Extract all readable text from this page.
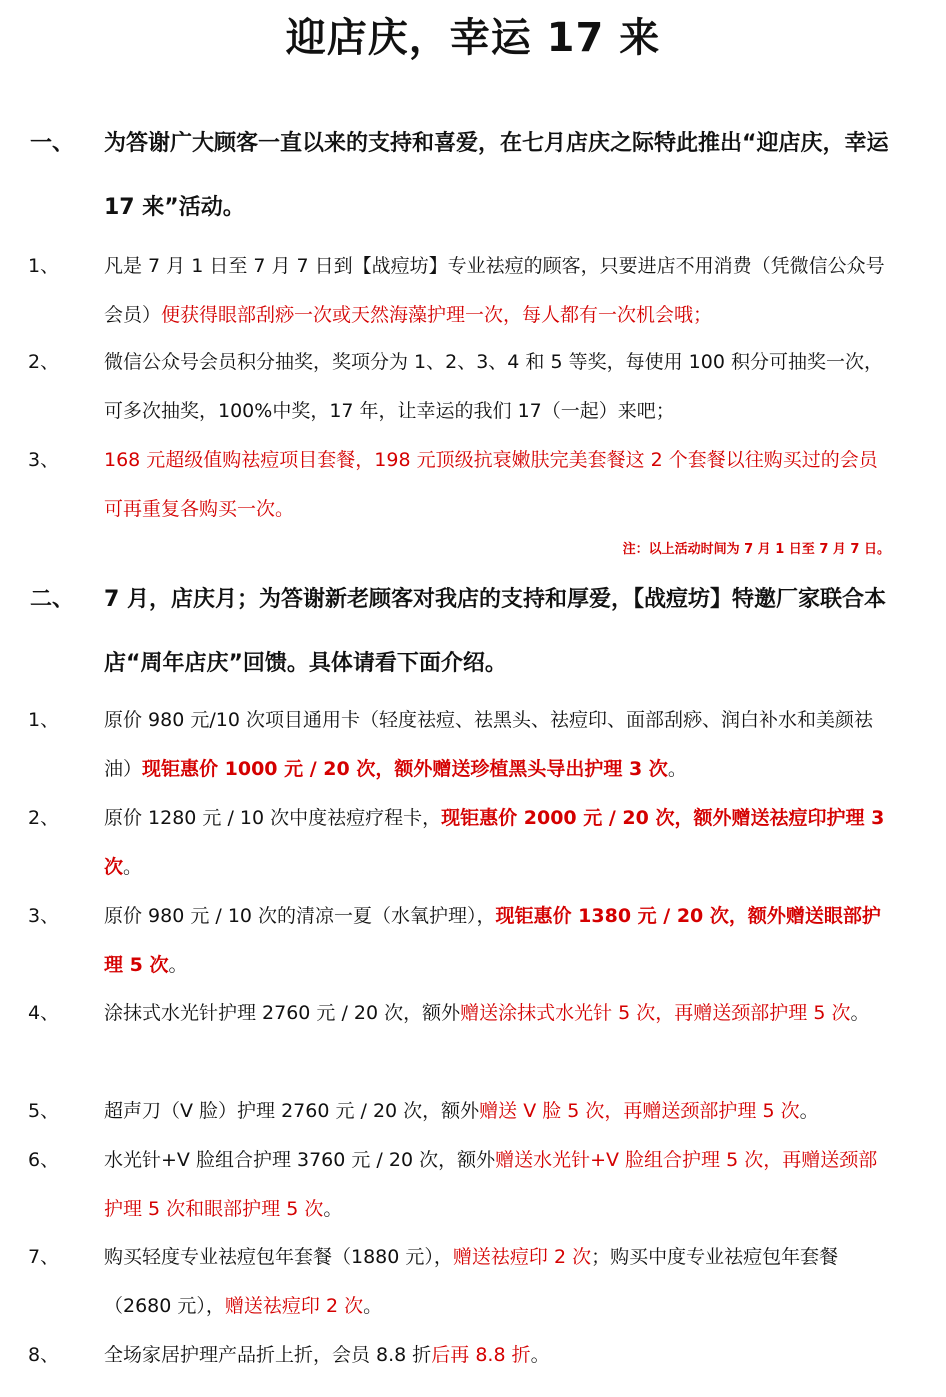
迎店庆，幸运 17 来
一、 为答谢广大顾客一直以来的支持和喜爱，在七月店庆之际特此推出“迎店庆，幸运 17 来”活动。
1、 凡是 7 月 1 日至 7 月 7 日到【战痘坊】专业祛痘的顾客，只要进店不用消费（凭微信公众号会员）便获得眼部刮痧一次或天然海藻护理一次，每人都有一次机会哦；
2、 微信公众号会员积分抽奖，奖项分为 1、2、3、4 和 5 等奖，每使用 100 积分可抽奖一次，可多次抽奖，100%中奖，17 年，让幸运的我们 17（一起）来吧；
3、 168 元超级值购祛痘项目套餐，198 元顶级抗衰嫩肤完美套餐这 2 个套餐以往购买过的会员可再重复各购买一次。
注：以上活动时间为 7 月 1 日至 7 月 7 日。
二、 7 月，店庆月；为答谢新老顾客对我店的支持和厚爱，【战痘坊】特邀厂家联合本店“周年店庆”回馈。具体请看下面介绍。
1、 原价 980 元/10 次项目通用卡（轻度祛痘、祛黑头、祛痘印、面部刮痧、润白补水和美颜祛油）现钜惠价 1000 元 / 20 次，额外赠送珍植黑头导出护理 3 次。
2、 原价 1280 元 / 10 次中度祛痘疗程卡，现钜惠价 2000 元 / 20 次，额外赠送祛痘印护理 3 次。
3、 原价 980 元 / 10 次的清凉一夏（水氧护理），现钜惠价 1380 元 / 20 次，额外赠送眼部护理 5 次。
4、 涂抹式水光针护理 2760 元 / 20 次，额外赠送涂抹式水光针 5 次，再赠送颈部护理 5 次。
5、 超声刀（V 脸）护理 2760 元 / 20 次，额外赠送 V 脸 5 次，再赠送颈部护理 5 次。
6、 水光针+V 脸组合护理 3760 元 / 20 次，额外赠送水光针+V 脸组合护理 5 次，再赠送颈部护理 5 次和眼部护理 5 次。
7、 购买轻度专业祛痘包年套餐（1880 元），赠送祛痘印 2 次；购买中度专业祛痘包年套餐（2680 元），赠送祛痘印 2 次。
8、 全场家居护理产品折上折，会员 8.8 折后再 8.8 折。
